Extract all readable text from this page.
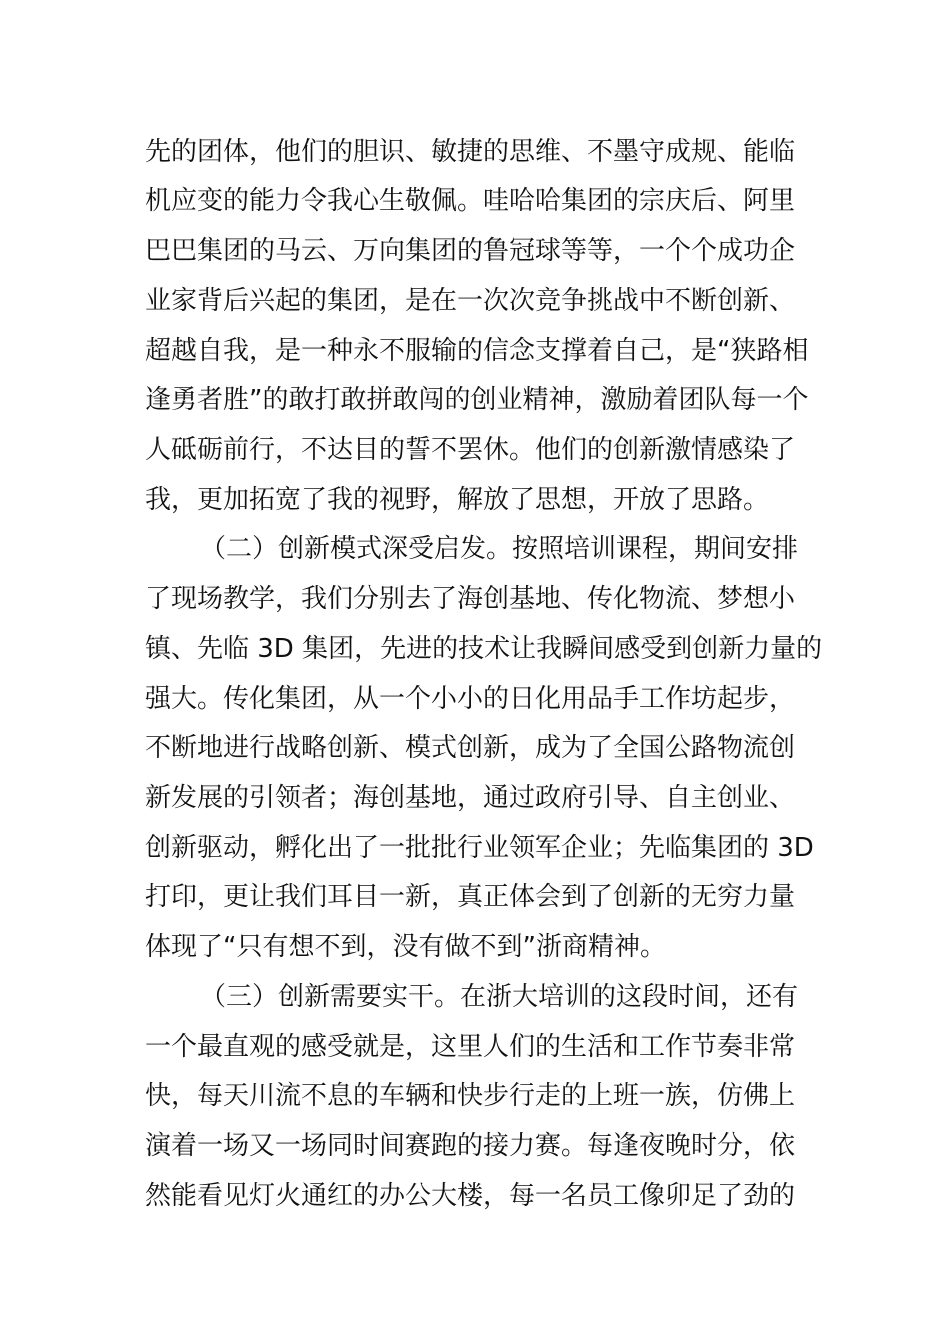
先的团体，他们的胆识、敏捷的思维、不墨守成规、能临
机应变的能力令我心生敬佩。哇哈哈集团的宗庆后、阿里
巴巴集团的马云、万向集团的鲁冠球等等，一个个成功企
业家背后兴起的集团，是在一次次竞争挑战中不断创新、
超越自我，是一种永不服输的信念支撑着自己，是“狭路相
逢勇者胜”的敢打敢拼敢闯的创业精神，激励着团队每一个
人砥砺前行，不达目的誓不罢休。他们的创新激情感染了
我，更加拓宽了我的视野，解放了思想，开放了思路。
（二）创新模式深受启发。按照培训课程，期间安排
了现场教学，我们分别去了海创基地、传化物流、梦想小
镇、先临 3D 集团，先进的技术让我瞬间感受到创新力量的
强大。传化集团，从一个小小的日化用品手工作坊起步，
不断地进行战略创新、模式创新，成为了全国公路物流创
新发展的引领者；海创基地，通过政府引导、自主创业、
创新驱动，孵化出了一批批行业领军企业；先临集团的 3D
打印，更让我们耳目一新，真正体会到了创新的无穷力量
体现了“只有想不到，没有做不到”浙商精神。
（三）创新需要实干。在浙大培训的这段时间，还有
一个最直观的感受就是，这里人们的生活和工作节奏非常
快，每天川流不息的车辆和快步行走的上班一族，仿佛上
演着一场又一场同时间赛跑的接力赛。每逢夜晚时分，依
然能看见灯火通红的办公大楼，每一名员工像卯足了劲的
